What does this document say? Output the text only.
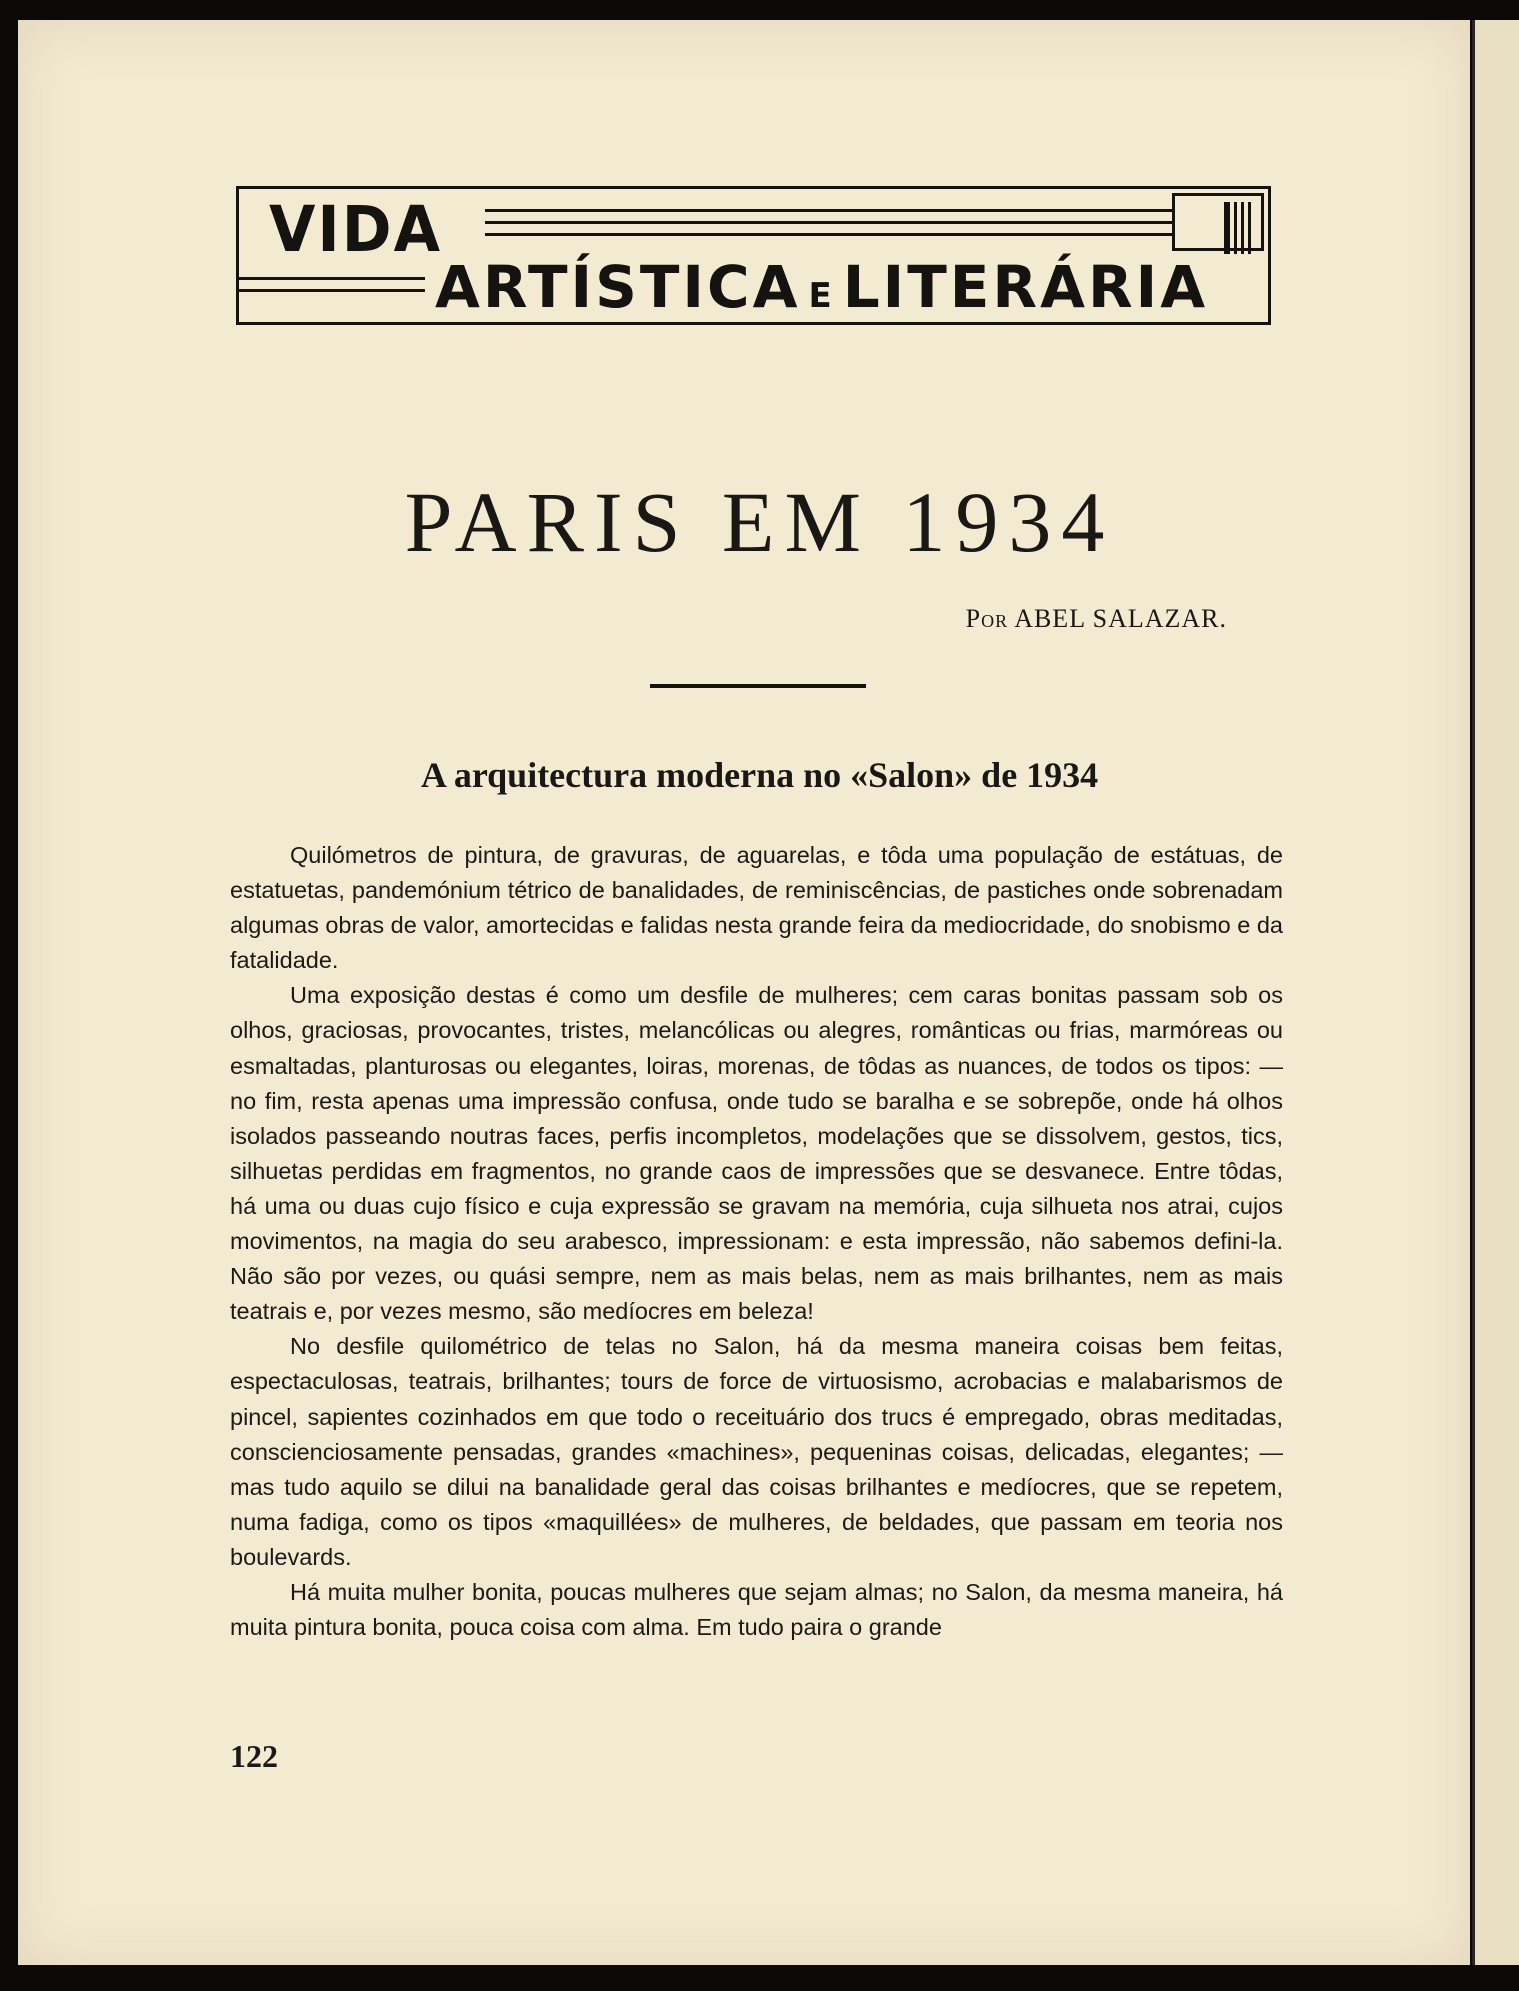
VIDA
ARTÍSTICA E LITERÁRIA
PARIS EM 1934
Por ABEL SALAZAR.
A arquitectura moderna no «Salon» de 1934

Quilómetros de pintura, de gravuras, de aguarelas, e tôda uma população de estátuas, de estatuetas, pandemónium tétrico de banalidades, de reminiscências, de pastiches onde sobrenadam algumas obras de valor, amortecidas e falidas nesta grande feira da mediocridade, do snobismo e da fatalidade.

Uma exposição destas é como um desfile de mulheres; cem caras bonitas passam sob os olhos, graciosas, provocantes, tristes, melancólicas ou alegres, românticas ou frias, marmóreas ou esmaltadas, planturosas ou elegantes, loiras, morenas, de tôdas as nuances, de todos os tipos: — no fim, resta apenas uma impressão confusa, onde tudo se baralha e se sobrepõe, onde há olhos isolados passeando noutras faces, perfis incompletos, modelações que se dissolvem, gestos, tics, silhuetas perdidas em fragmentos, no grande caos de impressões que se desvanece. Entre tôdas, há uma ou duas cujo físico e cuja expressão se gravam na memória, cuja silhueta nos atrai, cujos movimentos, na magia do seu arabesco, impressionam: e esta impressão, não sabemos defini-la. Não são por vezes, ou quási sempre, nem as mais belas, nem as mais brilhantes, nem as mais teatrais e, por vezes mesmo, são medíocres em beleza!

No desfile quilométrico de telas no Salon, há da mesma maneira coisas bem feitas, espectaculosas, teatrais, brilhantes; tours de force de virtuosismo, acrobacias e malabarismos de pincel, sapientes cozinhados em que todo o receituário dos trucs é empregado, obras meditadas, conscienciosamente pensadas, grandes «machines», pequeninas coisas, delicadas, elegantes; — mas tudo aquilo se dilui na banalidade geral das coisas brilhantes e medíocres, que se repetem, numa fadiga, como os tipos «maquillées» de mulheres, de beldades, que passam em teoria nos boulevards.

Há muita mulher bonita, poucas mulheres que sejam almas; no Salon, da mesma maneira, há muita pintura bonita, pouca coisa com alma. Em tudo paira o grande

122
